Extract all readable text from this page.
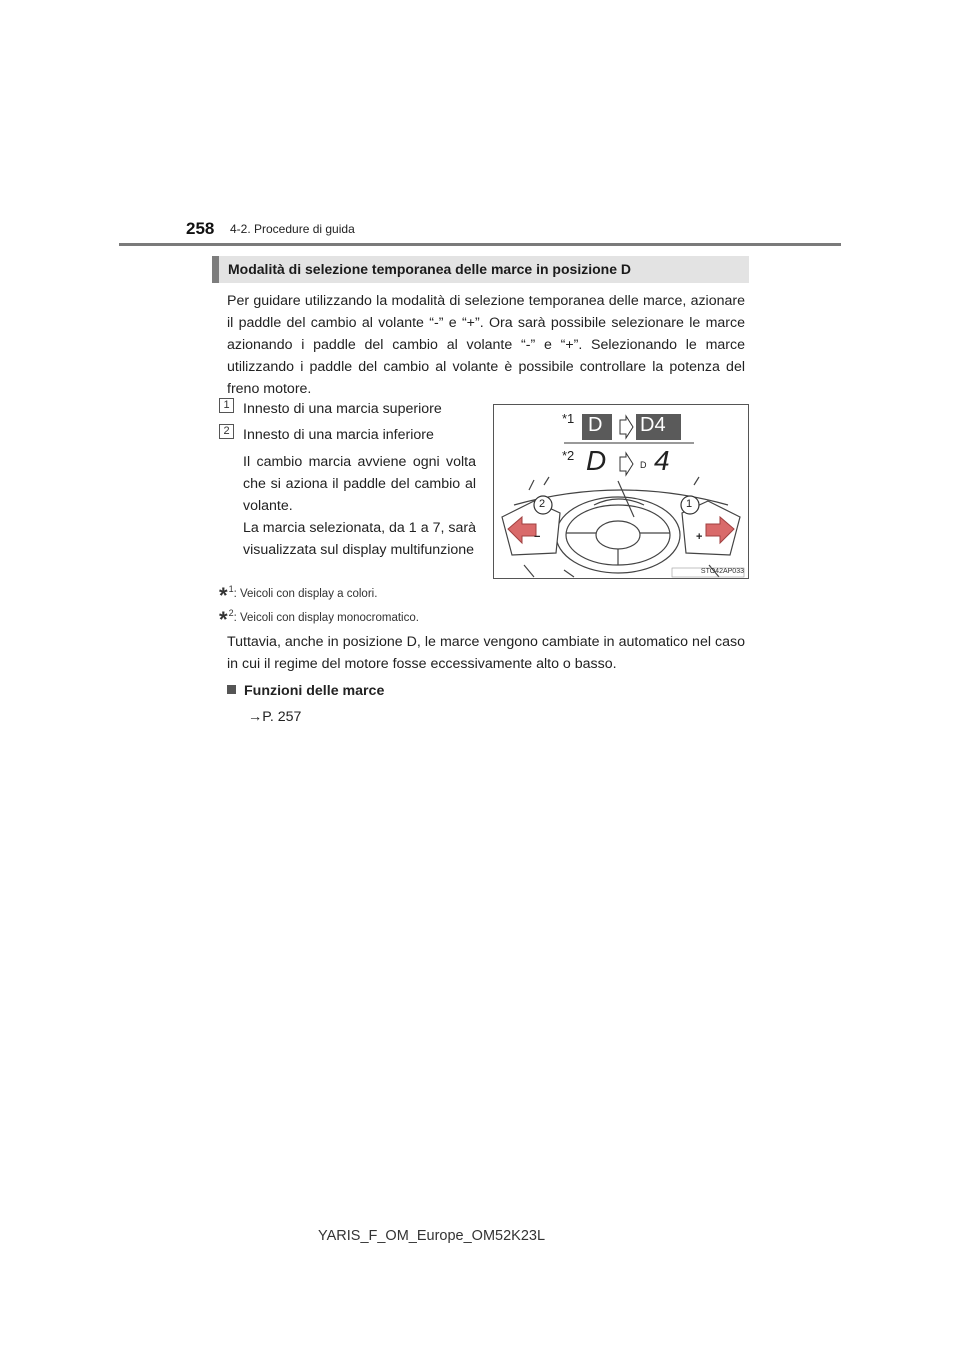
258 4-2. Procedure di guida
Modalità di selezione temporanea delle marce in posizione D
Per guidare utilizzando la modalità di selezione temporanea delle marce, azionare il paddle del cambio al volante “-” e “+”. Ora sarà possibile selezionare le marce azionando i paddle del cambio al volante “-” e “+”. Selezionando le marce utilizzando i paddle del cambio al volante è possibile controllare la potenza del freno motore.
1 Innesto di una marcia superiore
2 Innesto di una marcia inferiore
Il cambio marcia avviene ogni volta che si aziona il paddle del cambio al volante.
La marcia selezionata, da 1 a 7, sarà visualizzata sul display multifunzione
*1
*2
D D4
D	D 4
2	1
−	+
STO42AP033
*$^1$: Veicoli con display a colori.
*$^2$: Veicoli con display monocromatico.
Tuttavia, anche in posizione D, le marce vengono cambiate in automatico nel caso in cui il regime del motore fosse eccessivamente alto o basso.
Funzioni delle marce
→P. 257
YARIS_F_OM_Europe_OM52K23L
